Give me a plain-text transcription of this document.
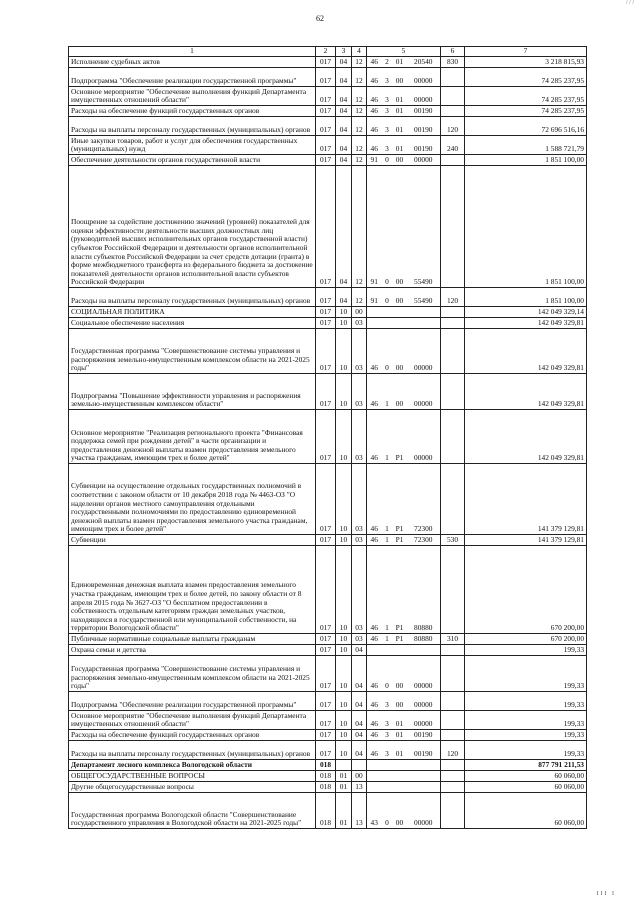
/ / /
62
1	2	3	4	5				6	7
Исполнение судебных актов	017	04	12	46	2	01	20540	830	3 218 815,93
Подпрограмма "Обеспечение реализации государственной программы"	017	04	12	46	3	00	00000		74 285 237,95
Основное мероприятие "Обеспечение выполнения функций Департамента имущественных отношений области"	017	04	12	46	3	01	00000		74 285 237,95
Расходы на обеспечение функций государственных органов	017	04	12	46	3	01	00190		74 285 237,95
Расходы на выплаты персоналу государственных (муниципальных) органов	017	04	12	46	3	01	00190	120	72 696 516,16
Иные закупки товаров, работ и услуг для обеспечения государственных (муниципальных) нужд	017	04	12	46	3	01	00190	240	1 588 721,79
Обеспечение деятельности органов государственной власти	017	04	12	91	0	00	00000		1 851 100,00
Поощрение за содействие достижению значений (уровней) показателей для оценки эффективности деятельности высших должностных лиц (руководителей высших исполнительных органов государственной власти) субъектов Российской Федерации и деятельности органов исполнительной власти субъектов Российской Федерации за счет средств дотации (гранта) в форме межбюджетного трансферта из федерального бюджета за достижение показателей деятельности органов исполнительной власти субъектов Российской Федерации	017	04	12	91	0	00	55490		1 851 100,00
Расходы на выплаты персоналу государственных (муниципальных) органов	017	04	12	91	0	00	55490	120	1 851 100,00
СОЦИАЛЬНАЯ ПОЛИТИКА	017	10	00						142 049 329,14
Социальное обеспечение населения	017	10	03						142 049 329,81
Государственная программа "Совершенствование системы управления и распоряжения земельно-имущественным комплексом области на 2021-2025 годы"	017	10	03	46	0	00	00000		142 049 329,81
Подпрограмма "Повышение эффективности управления и распоряжения земельно-имущественным комплексом области"	017	10	03	46	1	00	00000		142 049 329,81
Основное мероприятие "Реализация регионального проекта "Финансовая поддержка семей при рождении детей" в части организации и предоставления денежной выплаты взамен предоставления земельного участка гражданам, имеющим трех и более детей"	017	10	03	46	1	P1	00000		142 049 329,81
Субвенции на осуществление отдельных государственных полномочий в соответствии с законом области от 10 декабря 2018 года № 4463-ОЗ "О наделении органов местного самоуправления отдельными государственными полномочиями по предоставлению единовременной денежной выплаты взамен предоставления земельного участка гражданам, имеющим трех и более детей"	017	10	03	46	1	P1	72300		141 379 129,81
Субвенции	017	10	03	46	1	P1	72300	530	141 379 129,81
Единовременная денежная выплата взамен предоставления земельного участка гражданам, имеющим трех и более детей, по закону области от 8 апреля 2015 года № 3627-ОЗ "О бесплатном предоставлении в собственность отдельным категориям граждан земельных участков, находящихся в государственной или муниципальной собственности, на территории Вологодской области"	017	10	03	46	1	P1	80880		670 200,00
Публичные нормативные социальные выплаты гражданам	017	10	03	46	1	P1	80880	310	670 200,00
Охрана семьи и детства	017	10	04						199,33
Государственная программа "Совершенствование системы управления и распоряжения земельно-имущественным комплексом области на 2021-2025 годы"	017	10	04	46	0	00	00000		199,33
Подпрограмма "Обеспечение реализации государственной программы"	017	10	04	46	3	00	00000		199,33
Основное мероприятие "Обеспечение выполнения функций Департамента имущественных отношений области"	017	10	04	46	3	01	00000		199,33
Расходы на обеспечение функций государственных органов	017	10	04	46	3	01	00190		199,33
Расходы на выплаты персоналу государственных (муниципальных) органов	017	10	04	46	3	01	00190	120	199,33
Департамент лесного комплекса Вологодской области	018								877 791 211,53
ОБЩЕГОСУДАРСТВЕННЫЕ ВОПРОСЫ	018	01	00						60 060,00
Другие общегосударственные вопросы	018	01	13						60 060,00
Государственная программа Вологодской области "Совершенствование государственного управления в Вологодской области на 2021-2025 годы"	018	01	13	43	0	00	00000		60 060,00
III I
